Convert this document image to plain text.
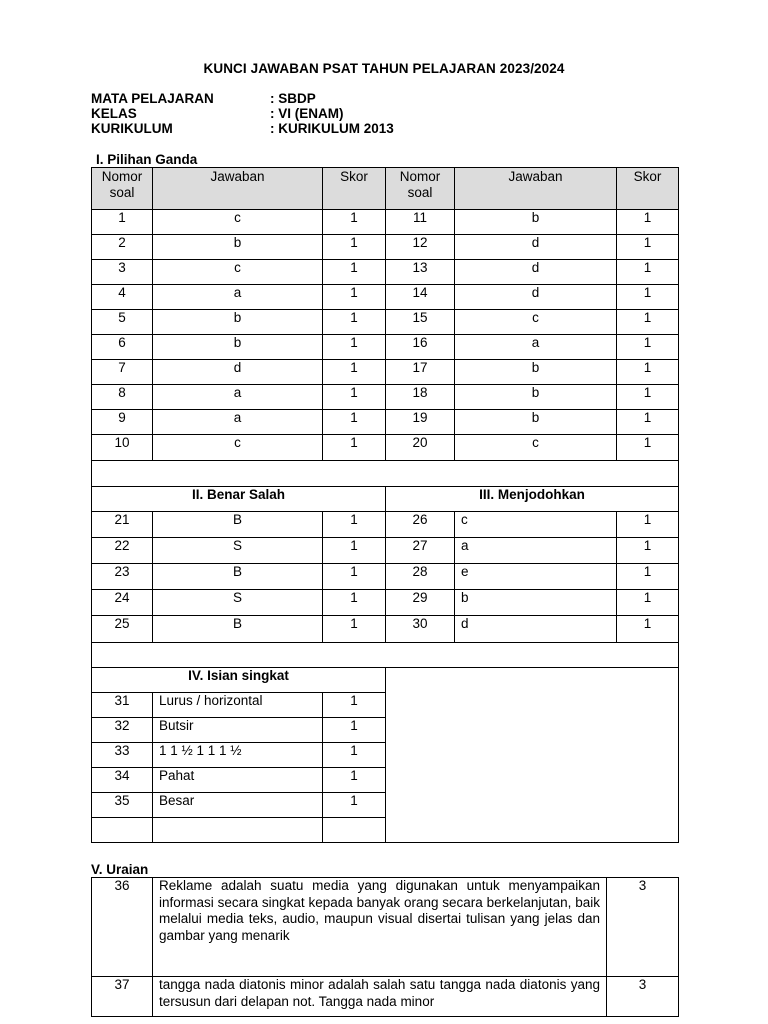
KUNCI JAWABAN PSAT TAHUN PELAJARAN 2023/2024
MATA PELAJARAN	: SBDP
KELAS	: VI (ENAM)
KURIKULUM	: KURIKULUM 2013
I. Pilihan Ganda
Nomor soal	Jawaban	Skor	Nomor soal	Jawaban	Skor
1	c	1	11	b	1
2	b	1	12	d	1
3	c	1	13	d	1
4	a	1	14	d	1
5	b	1	15	c	1
6	b	1	16	a	1
7	d	1	17	b	1
8	a	1	18	b	1
9	a	1	19	b	1
10	c	1	20	c	1

II. Benar Salah			III. Menjodohkan		
21	B	1	26	c	1
22	S	1	27	a	1
23	B	1	28	e	1
24	S	1	29	b	1
25	B	1	30	d	1

IV. Isian singkat					
31	Lurus / horizontal	1			
32	Butsir	1			
33	1 1 ½ 1 1 1 ½	1			
34	Pahat	1			
35	Besar	1			

V. Uraian
36	Reklame adalah suatu media yang digunakan untuk menyampaikan informasi secara singkat kepada banyak orang secara berkelanjutan, baik melalui media teks, audio, maupun visual disertai tulisan yang jelas dan gambar yang menarik	3
37	tangga nada diatonis minor adalah salah satu tangga nada diatonis yang tersusun dari delapan not. Tangga nada minor	3
